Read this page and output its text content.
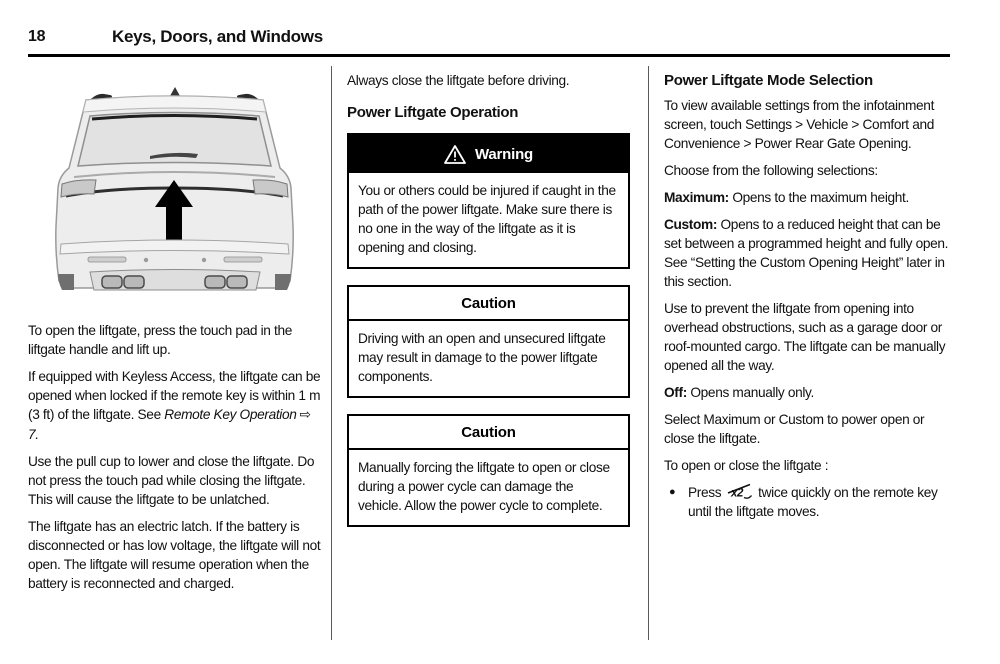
18	Keys, Doors, and Windows

To open the liftgate, press the touch pad in the liftgate handle and lift up.

If equipped with Keyless Access, the liftgate can be opened when locked if the remote key is within 1 m (3 ft) of the liftgate. See Remote Key Operation ⇨ 7.

Use the pull cup to lower and close the liftgate. Do not press the touch pad while closing the liftgate. This will cause the liftgate to be unlatched.

The liftgate has an electric latch. If the battery is disconnected or has low voltage, the liftgate will not open. The liftgate will resume operation when the battery is reconnected and charged.

Always close the liftgate before driving.

Power Liftgate Operation
Warning
You or others could be injured if caught in the path of the power liftgate. Make sure there is no one in the way of the liftgate as it is opening and closing.
Caution
Driving with an open and unsecured liftgate may result in damage to the power liftgate components.
Caution
Manually forcing the liftgate to open or close during a power cycle can damage the vehicle. Allow the power cycle to complete.
Power Liftgate Mode Selection

To view available settings from the infotainment screen, touch Settings > Vehicle > Comfort and Convenience > Power Rear Gate Opening.

Choose from the following selections:

Maximum: Opens to the maximum height.

Custom: Opens to a reduced height that can be set between a programmed height and fully open. See “Setting the Custom Opening Height” later in this section.

Use to prevent the liftgate from opening into overhead obstructions, such as a garage door or roof-mounted cargo. The liftgate can be manually opened all the way.

Off: Opens manually only.

Select Maximum or Custom to power open or close the liftgate.

To open or close the liftgate :

● Press x2 twice quickly on the remote key until the liftgate moves.
